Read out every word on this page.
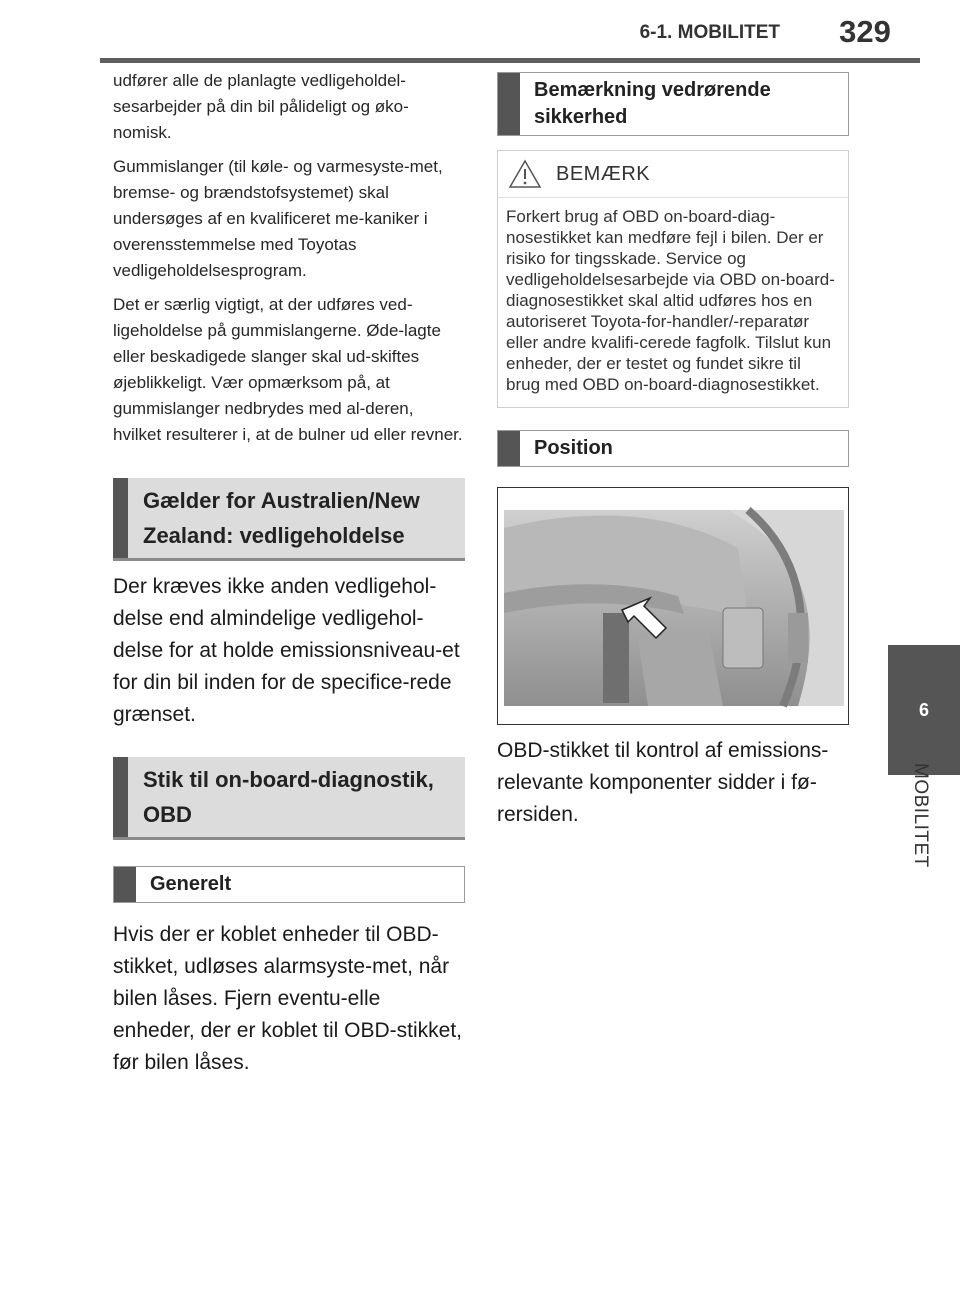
6-1. MOBILITET	329
6
MOBILITET

udfører alle de planlagte vedligeholdel-sesarbejder på din bil pålideligt og øko-nomisk.

Gummislanger (til køle- og varmesyste-met, bremse- og brændstofsystemet) skal undersøges af en kvalificeret me-kaniker i overensstemmelse med Toyotas vedligeholdelsesprogram.

Det er særlig vigtigt, at der udføres ved-ligeholdelse på gummislangerne. Øde-lagte eller beskadigede slanger skal ud-skiftes øjeblikkeligt. Vær opmærksom på, at gummislanger nedbrydes med al-deren, hvilket resulterer i, at de bulner ud eller revner.

Gælder for Australien/New Zealand: vedligeholdelse

Der kræves ikke anden vedligehol-delse end almindelige vedligehol-delse for at holde emissionsniveau-et for din bil inden for de specifice-rede grænset.

Stik til on-board-diagnostik, OBD
Generelt

Hvis der er koblet enheder til OBD-stikket, udløses alarmsyste-met, når bilen låses. Fjern eventu-elle enheder, der er koblet til OBD-stikket, før bilen låses.

Bemærkning vedrørende sikkerhed
BEMÆRK
Forkert brug af OBD on-board-diag-nosestikket kan medføre fejl i bilen. Der er risiko for tingsskade. Service og vedligeholdelsesarbejde via OBD on-board-diagnosestikket skal altid udføres hos en autoriseret Toyota-for-handler/-reparatør eller andre kvalifi-cerede fagfolk. Tilslut kun enheder, der er testet og fundet sikre til brug med OBD on-board-diagnosestikket.
Position

OBD-stikket til kontrol af emissions-relevante komponenter sidder i fø-rersiden.
